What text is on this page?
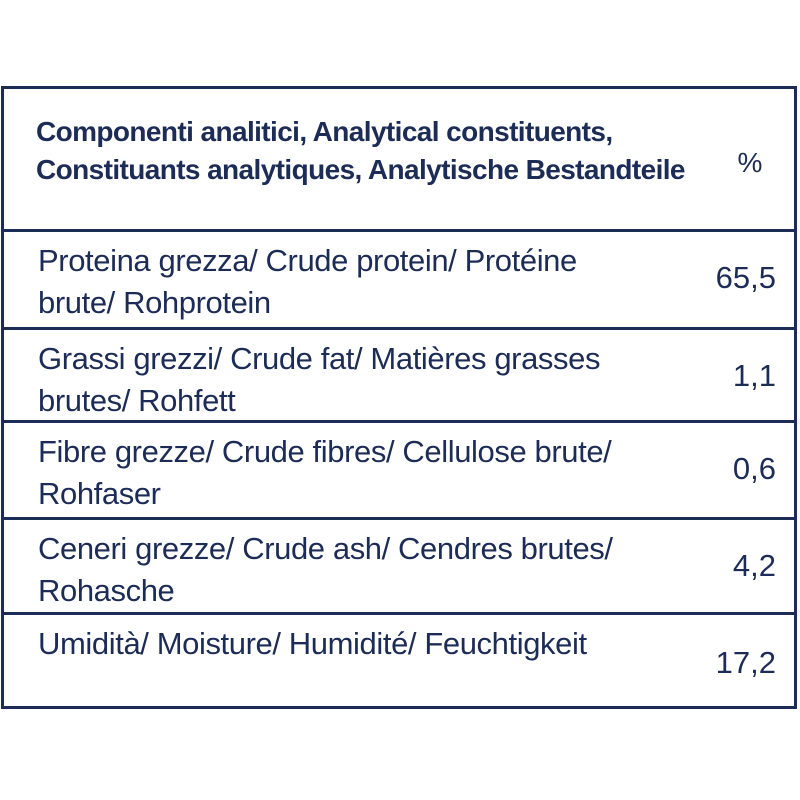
Componenti analitici, Analytical constituents,
Constituants analytiques, Analytische Bestandteile	%
Proteina grezza/ Crude protein/ Protéine
brute/ Rohprotein
65,5
Grassi grezzi/ Crude fat/ Matières grasses
brutes/ Rohfett
1,1
Fibre grezze/ Crude fibres/ Cellulose brute/
Rohfaser
0,6
Ceneri grezze/ Crude ash/ Cendres brutes/
Rohasche
4,2
Umidità/ Moisture/ Humidité/ Feuchtigkeit
17,2
